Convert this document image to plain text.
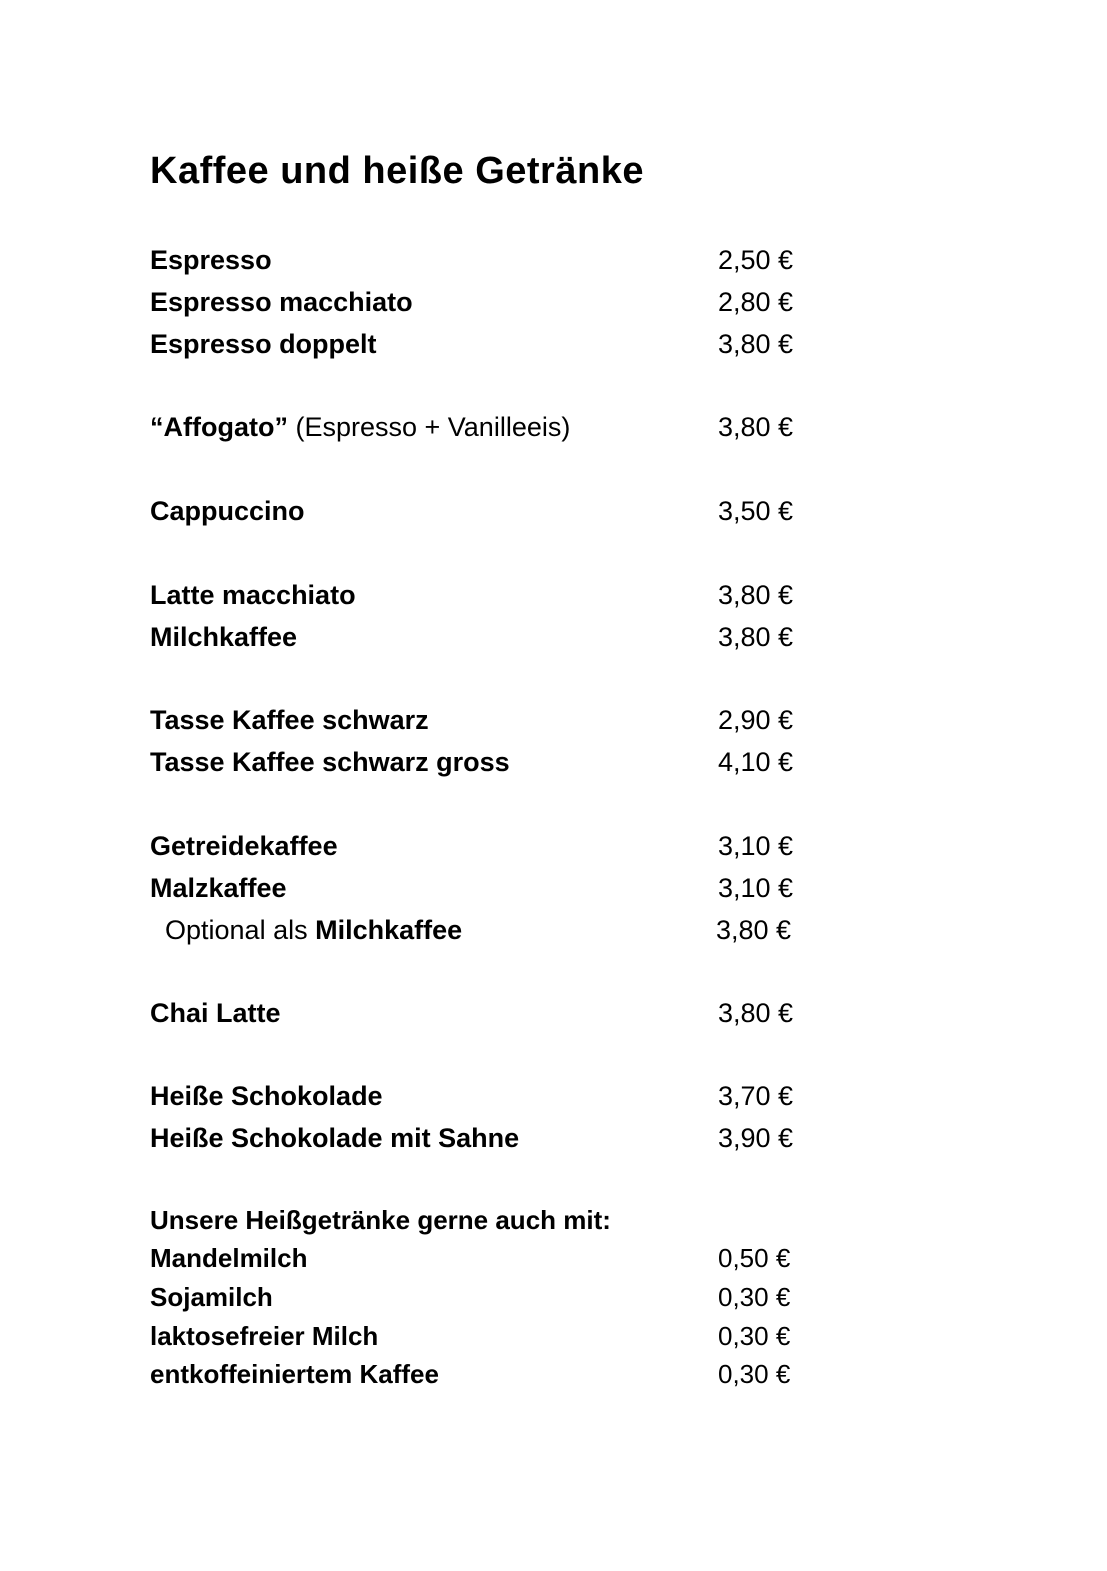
Kaffee und heiße Getränke
Espresso	2,50 €
Espresso macchiato	2,80 €
Espresso doppelt	3,80 €
“Affogato” (Espresso + Vanilleeis)	3,80 €
Cappuccino	3,50 €
Latte macchiato	3,80 €
Milchkaffee	3,80 €
Tasse Kaffee schwarz	2,90 €
Tasse Kaffee schwarz gross	4,10 €
Getreidekaffee	3,10 €
Malzkaffee	3,10 €
Optional als Milchkaffee	3,80 €
Chai Latte	3,80 €
Heiße Schokolade	3,70 €
Heiße Schokolade mit Sahne	3,90 €
Unsere Heißgetränke gerne auch mit:
Mandelmilch	0,50 €
Sojamilch	0,30 €
laktosefreier Milch	0,30 €
entkoffeiniertem Kaffee	0,30 €
